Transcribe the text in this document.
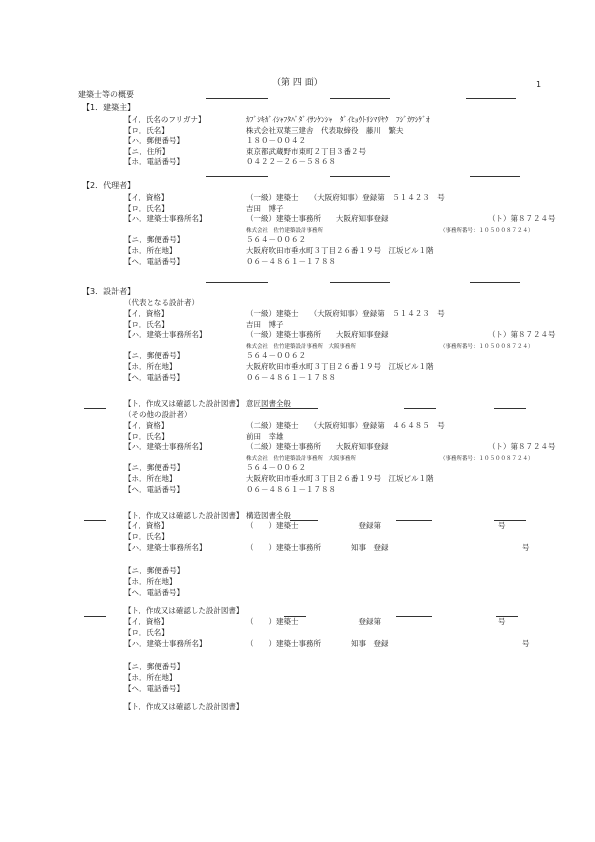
（第 四 面）	1
建築士等の概要
【1．建築主】
【イ．氏名のフリガナ】	ｶﾌﾞｼｷｶﾞｲｼｬﾌﾀﾊﾞﾀﾞｲｻﾝｹﾝｼｬ　ﾀﾞｲﾋｮｳﾄﾘｼﾏﾘﾔｸ　ﾌｼﾞｶﾜｼｹﾞｵ
【ロ．氏名】	株式会社双葉三建舎　代表取締役　藤川　繁夫
【ハ．郵便番号】	１８０－００４２
【ニ．住所】	東京都武蔵野市東町２丁目３番２号
【ホ．電話番号】	０４２２－２６－５８６８
【2．代理者】
【イ．資格】	（一級）建築士　　（大阪府知事）登録第　５１４２３　号
【ロ．氏名】	吉田　博子
【ハ．建築士事務所名】	（一級）建築士事務所　　大阪府知事登録	（ト）第８７２４号
株式会社　佐竹建築設計事務所	（事務所番号：１０５００８７２４）
【ニ．郵便番号】	５６４－００６２
【ホ．所在地】	大阪府吹田市垂水町３丁目２６番１９号　江坂ビル１階
【ヘ．電話番号】	０６－４８６１－１７８８
【3．設計者】
（代表となる設計者）
【イ．資格】	（一級）建築士　　（大阪府知事）登録第　５１４２３　号
【ロ．氏名】	吉田　博子
【ハ．建築士事務所名】	（一級）建築士事務所　　大阪府知事登録	（ト）第８７２４号
株式会社　佐竹建築設計事務所　大阪事務所	（事務所番号：１０５００８７２４）
【ニ．郵便番号】	５６４－００６２
【ホ．所在地】	大阪府吹田市垂水町３丁目２６番１９号　江坂ビル１階
【ヘ．電話番号】	０６－４８６１－１７８８
【ト．作成又は確認した設計図書】 意匠図書全般
（その他の設計者）
【イ．資格】	（二級）建築士　　（大阪府知事）登録第　４６４８５　号
【ロ．氏名】	前田　幸雄
【ハ．建築士事務所名】	（二級）建築士事務所　　大阪府知事登録	（ト）第８７２４号
株式会社　佐竹建築設計事務所　大阪事務所	（事務所番号：１０５００８７２４）
【ニ．郵便番号】	５６４－００６２
【ホ．所在地】	大阪府吹田市垂水町３丁目２６番１９号　江坂ビル１階
【ヘ．電話番号】	０６－４８６１－１７８８
【ト．作成又は確認した設計図書】 構造図書全般
【イ．資格】	（　　）建築士　　　　　　　　登録第	号
【ロ．氏名】
【ハ．建築士事務所名】	（　　）建築士事務所　　　　知事　登録	号
【ニ．郵便番号】
【ホ．所在地】
【ヘ．電話番号】
【ト．作成又は確認した設計図書】
【イ．資格】	（　　）建築士　　　　　　　　登録第	号
【ロ．氏名】
【ハ．建築士事務所名】	（　　）建築士事務所　　　　知事　登録	号
【ニ．郵便番号】
【ホ．所在地】
【ヘ．電話番号】
【ト．作成又は確認した設計図書】
